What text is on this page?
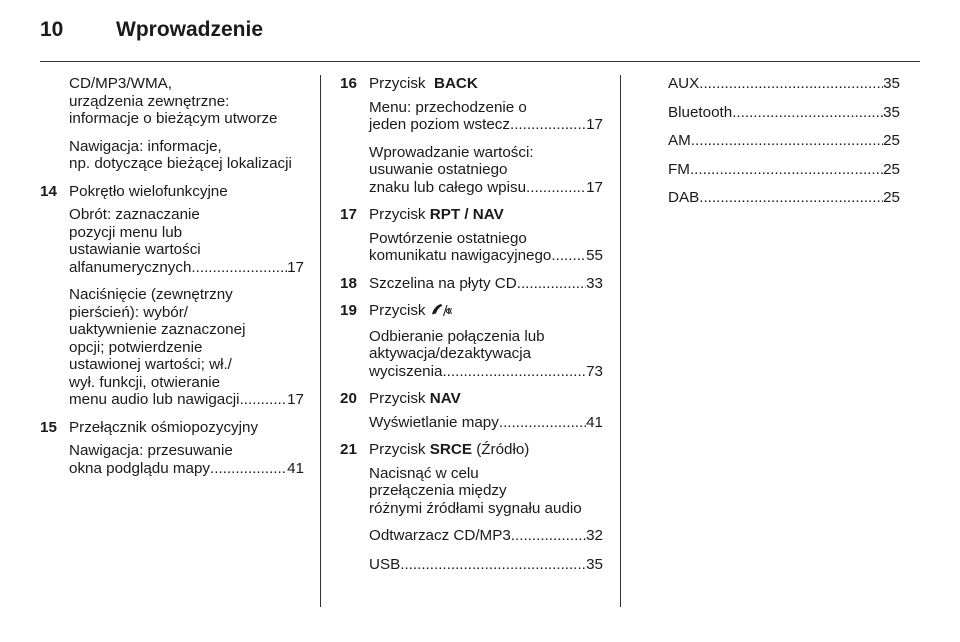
10	Wprowadzenie
CD/MP3/WMA,
urządzenia zewnętrzne:
informacje o bieżącym utworze
Nawigacja: informacje,
np. dotyczące bieżącej lokalizacji
14 Pokrętło wielofunkcyjne
Obrót: zaznaczanie
pozycji menu lub
ustawianie wartości
alfanumerycznych .....	17
Naciśnięcie (zewnętrzny
pierścień): wybór/
uaktywnienie zaznaczonej
opcji; potwierdzenie
ustawionej wartości; wł./
wył. funkcji, otwieranie
menu audio lub nawigacji .....	17
15 Przełącznik ośmiopozycyjny
Nawigacja: przesuwanie
okna podglądu mapy .....	41
16 Przycisk BACK
Menu: przechodzenie o
jeden poziom wstecz .....	17
Wprowadzanie wartości:
usuwanie ostatniego
znaku lub całego wpisu .....	17
17 Przycisk RPT / NAV
Powtórzenie ostatniego
komunikatu nawigacyjnego ..... 55
18 Szczelina na płyty CD .....	33
19 Przycisk
Odbieranie połączenia lub
aktywacja/dezaktywacja
wyciszenia .....	73
20 Przycisk NAV
Wyświetlanie mapy .....	41
21 Przycisk SRCE (Źródło)
Nacisnąć w celu
przełączenia między
różnymi źródłami sygnału audio
Odtwarzacz CD/MP3 .....	32
USB .....	35
AUX .....	35
Bluetooth .....	35
AM .....	25
FM .....	25
DAB .....	25
